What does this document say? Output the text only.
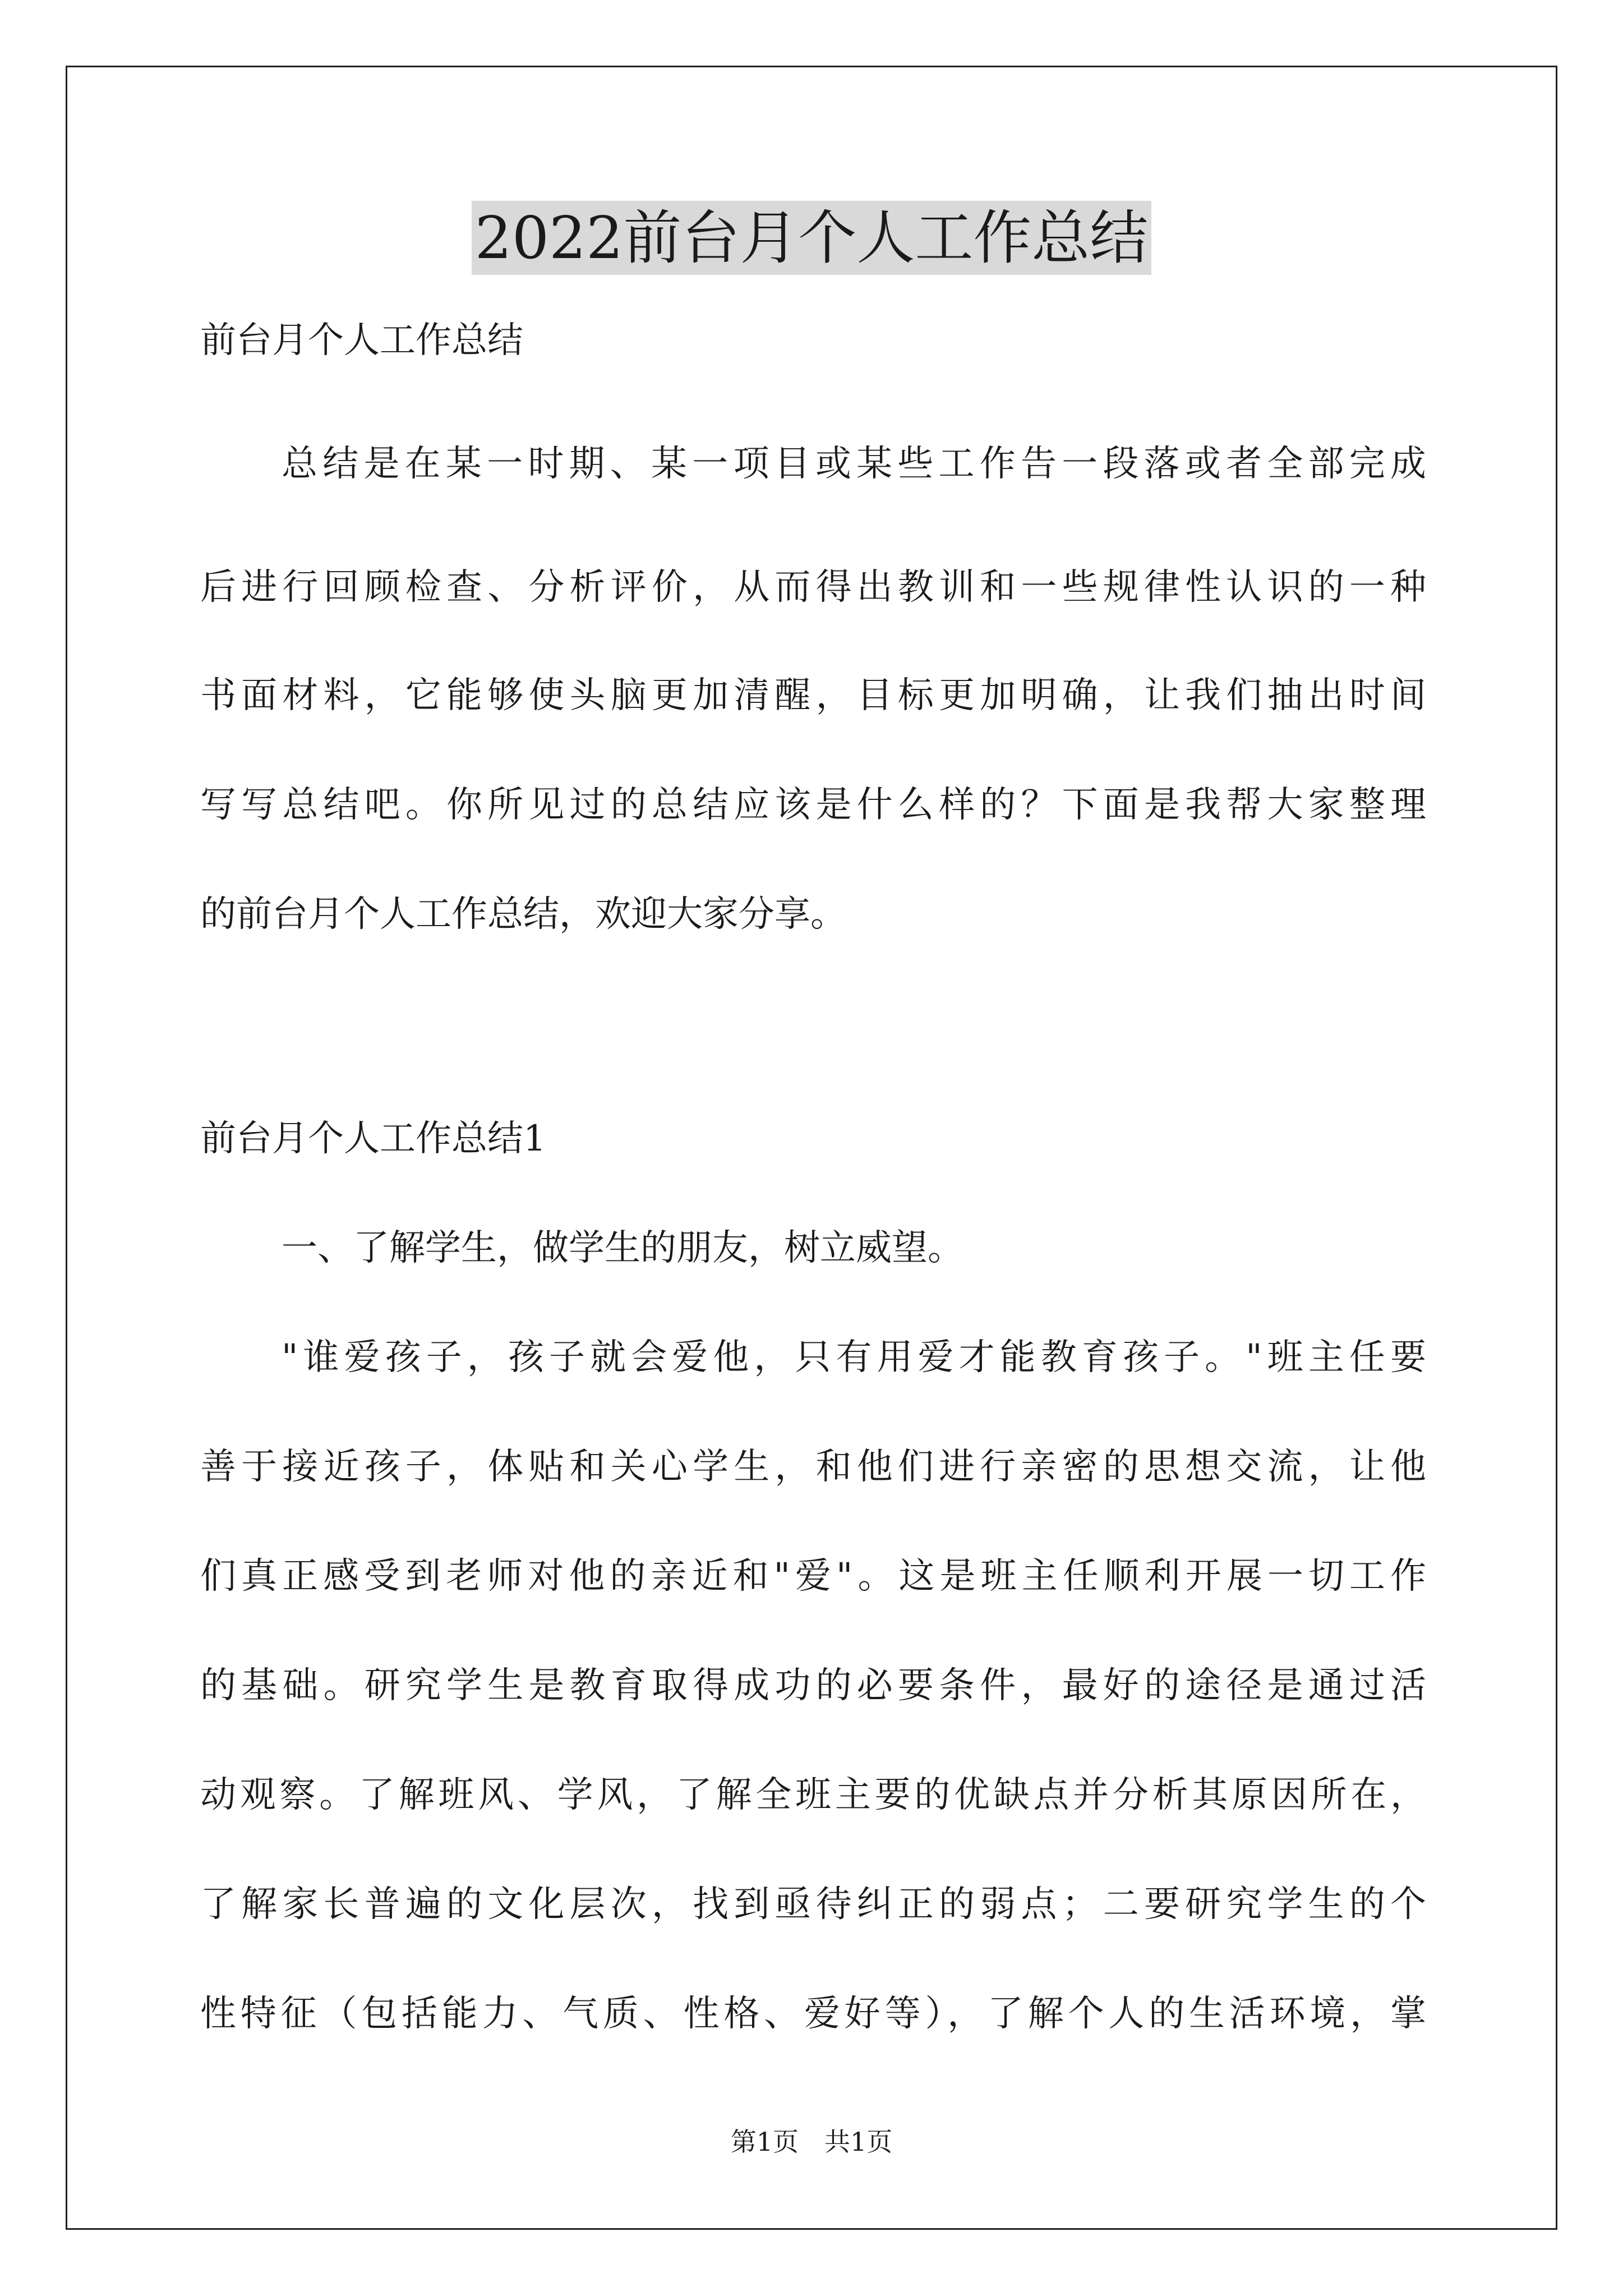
2022前台月个人工作总结
前台月个人工作总结
总结是在某一时期、某一项目或某些工作告一段落或者全部完成
后进行回顾检查、分析评价，从而得出教训和一些规律性认识的一种
书面材料，它能够使头脑更加清醒，目标更加明确，让我们抽出时间
写写总结吧。你所见过的总结应该是什么样的？下面是我帮大家整理
的前台月个人工作总结，欢迎大家分享。
前台月个人工作总结1
一、了解学生，做学生的朋友，树立威望。
"谁爱孩子，孩子就会爱他，只有用爱才能教育孩子。"班主任要
善于接近孩子，体贴和关心学生，和他们进行亲密的思想交流，让他
们真正感受到老师对他的亲近和"爱"。这是班主任顺利开展一切工作
的基础。研究学生是教育取得成功的必要条件，最好的途径是通过活
动观察。了解班风、学风，了解全班主要的优缺点并分析其原因所在，
了解家长普遍的文化层次，找到亟待纠正的弱点；二要研究学生的个
性特征（包括能力、气质、性格、爱好等），了解个人的生活环境，掌
第1页　共1页
